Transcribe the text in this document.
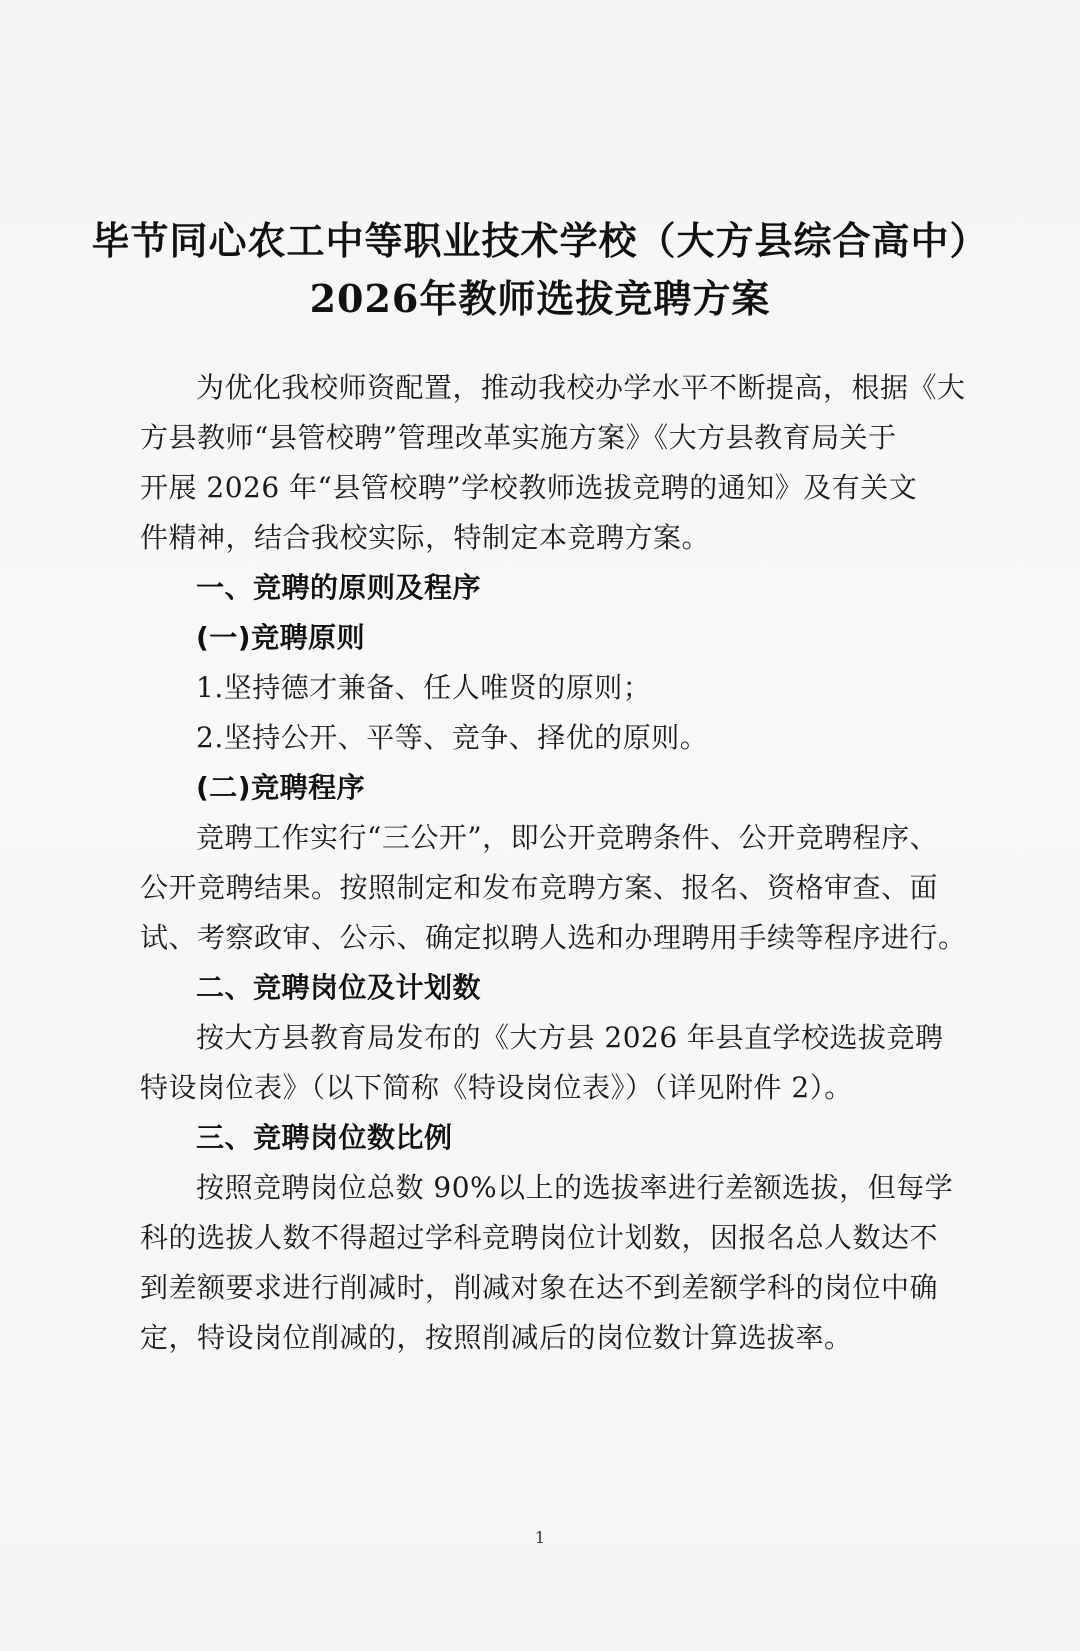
毕节同心农工中等职业技术学校（大方县综合高中）
2026年教师选拔竞聘方案
为优化我校师资配置，推动我校办学水平不断提高，根据《大
方县教师“县管校聘”管理改革实施方案》《大方县教育局关于
开展 2026 年“县管校聘”学校教师选拔竞聘的通知》及有关文
件精神，结合我校实际，特制定本竞聘方案。
一、竞聘的原则及程序
(一)竞聘原则
1.坚持德才兼备、任人唯贤的原则；
2.坚持公开、平等、竞争、择优的原则。
(二)竞聘程序
竞聘工作实行“三公开”，即公开竞聘条件、公开竞聘程序、
公开竞聘结果。按照制定和发布竞聘方案、报名、资格审查、面
试、考察政审、公示、确定拟聘人选和办理聘用手续等程序进行。
二、竞聘岗位及计划数
按大方县教育局发布的《大方县 2026 年县直学校选拔竞聘
特设岗位表》（以下简称《特设岗位表》）（详见附件 2）。
三、竞聘岗位数比例
按照竞聘岗位总数 90%以上的选拔率进行差额选拔，但每学
科的选拔人数不得超过学科竞聘岗位计划数，因报名总人数达不
到差额要求进行削减时，削减对象在达不到差额学科的岗位中确
定，特设岗位削减的，按照削减后的岗位数计算选拔率。
1
